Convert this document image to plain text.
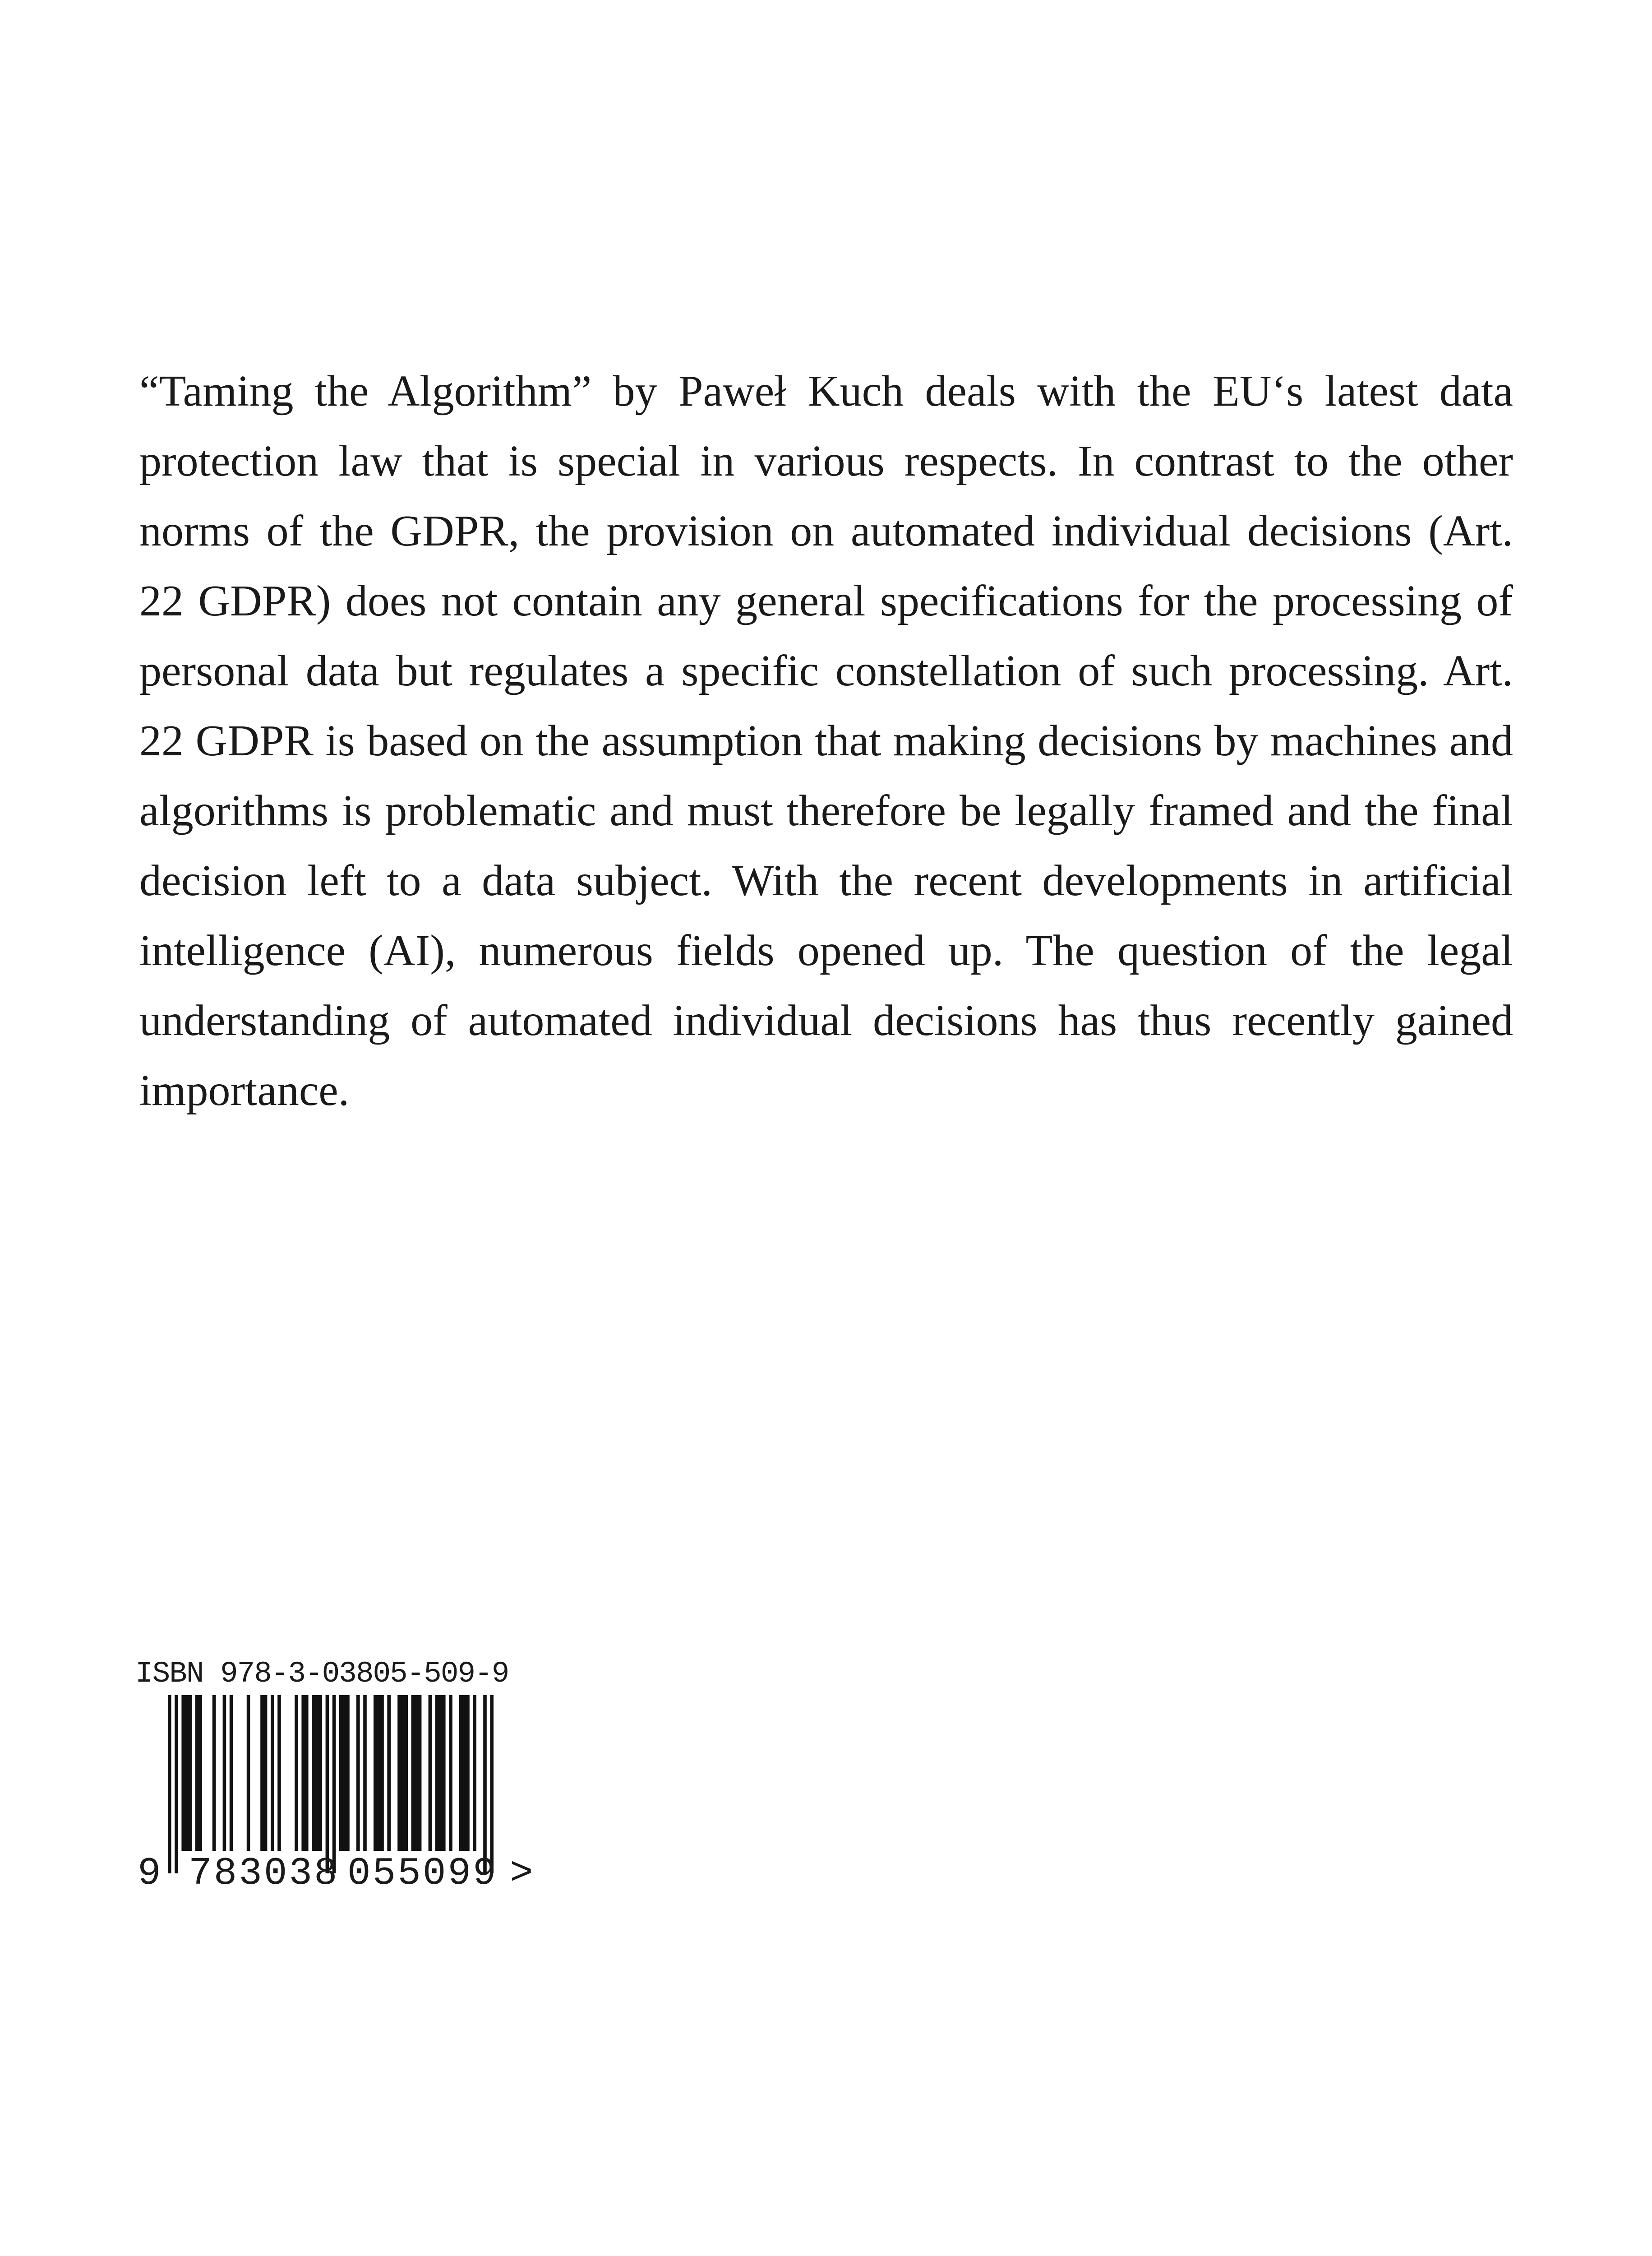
“Taming the Algorithm” by Paweł Kuch deals with the EU‘s latest data protection law that is special in various respects. In contrast to the other norms of the GDPR, the provision on automated individual decisions (Art. 22 GDPR) does not contain any general specifications for the processing of personal data but regulates a specific constellation of such processing. Art. 22 GDPR is based on the assumption that making decisions by machines and algorithms is problematic and must therefore be legally framed and the final decision left to a data subject. With the recent developments in artificial intelligence (AI), numerous fields opened up. The question of the legal understanding of automated individual decisions has thus recently gained importance.

ISBN 978-3-03805-509-9
9 783038 055099 >
